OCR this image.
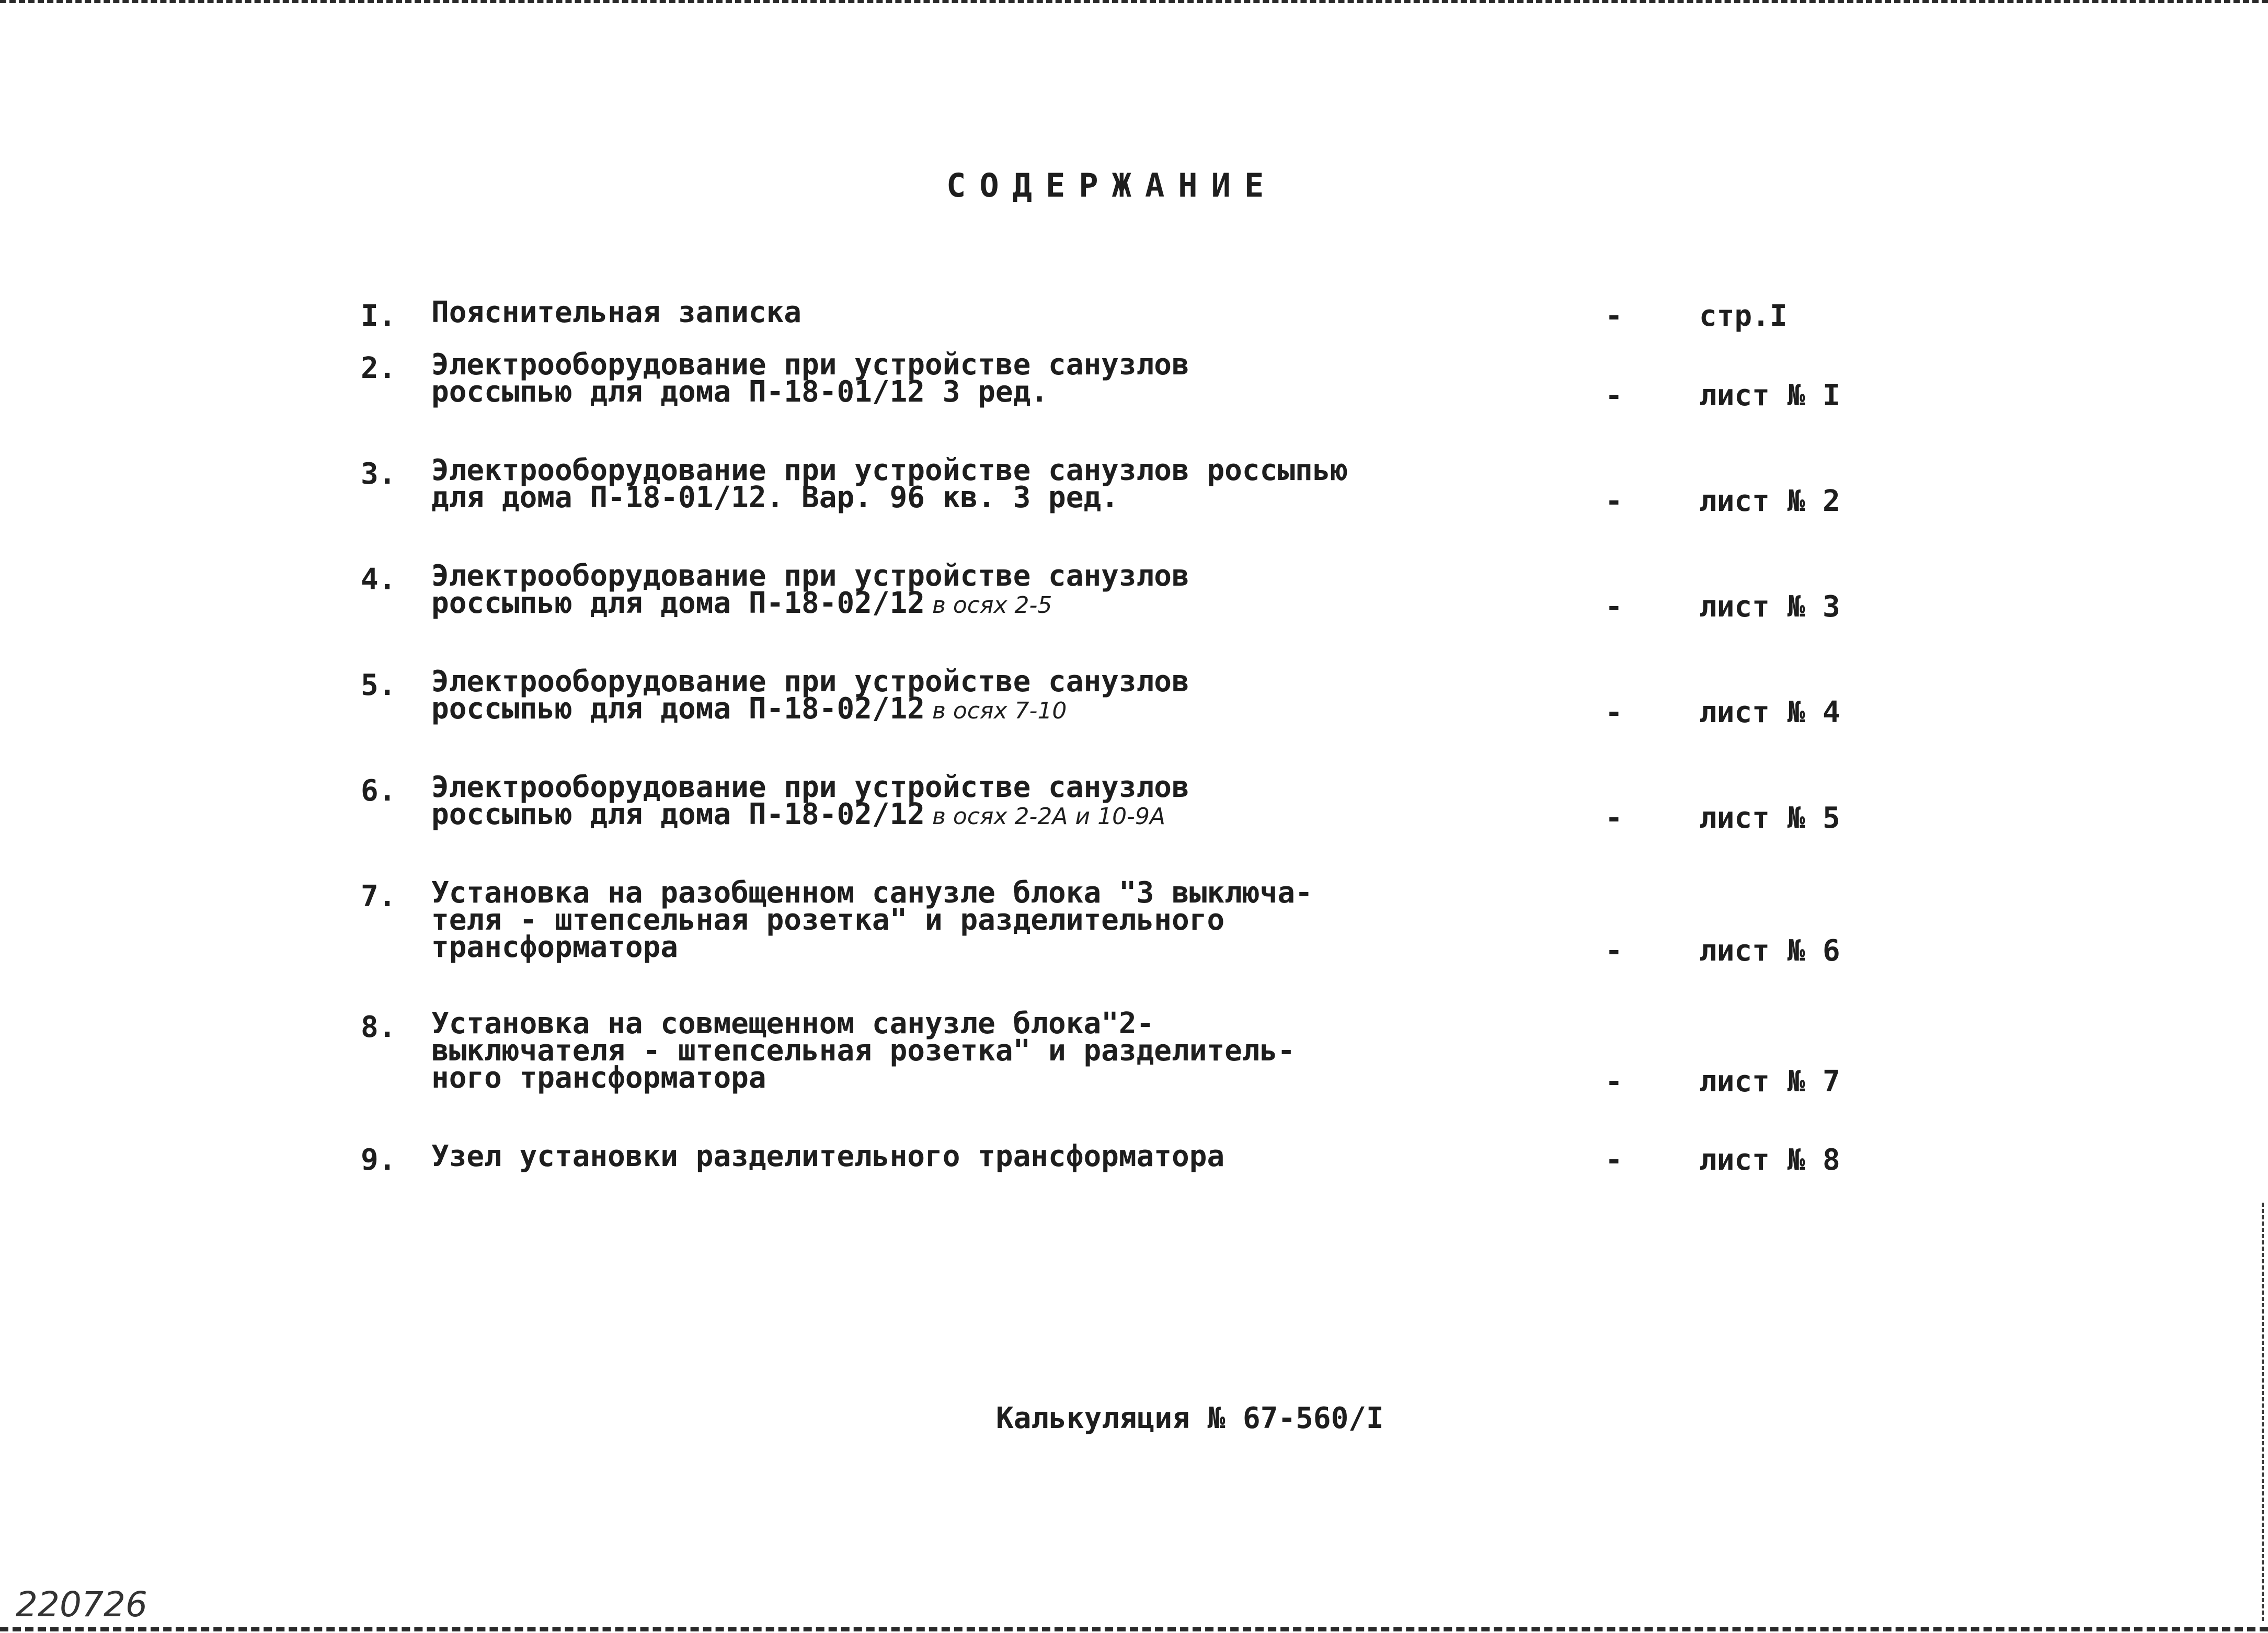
СОДЕРЖАНИЕ
I. Пояснительная записка	-	стр.I
2. Электрооборудование при устройстве санузлов
россыпью для дома П-18-01/12 3 ред.	-	лист № I
3. Электрооборудование при устройстве санузлов россыпью
для дома П-18-01/12. Вар. 96 кв. 3 ред.	-	лист № 2
4. Электрооборудование при устройстве санузлов
россыпью для дома П-18-02/12 в осях 2-5	-	лист № 3
5. Электрооборудование при устройстве санузлов
россыпью для дома П-18-02/12 в осях 7-10	-	лист № 4
6. Электрооборудование при устройстве санузлов
россыпью для дома П-18-02/12 в осях 2-2А и 10-9А	-	лист № 5
7. Установка на разобщенном санузле блока "3 выключа-
теля - штепсельная розетка" и разделительного
трансформатора	-	лист № 6
8. Установка на совмещенном санузле блока"2-
выключателя - штепсельная розетка" и разделитель-
ного трансформатора	-	лист № 7
9. Узел установки разделительного трансформатора	-	лист № 8
Калькуляция № 67-560/I
220726
